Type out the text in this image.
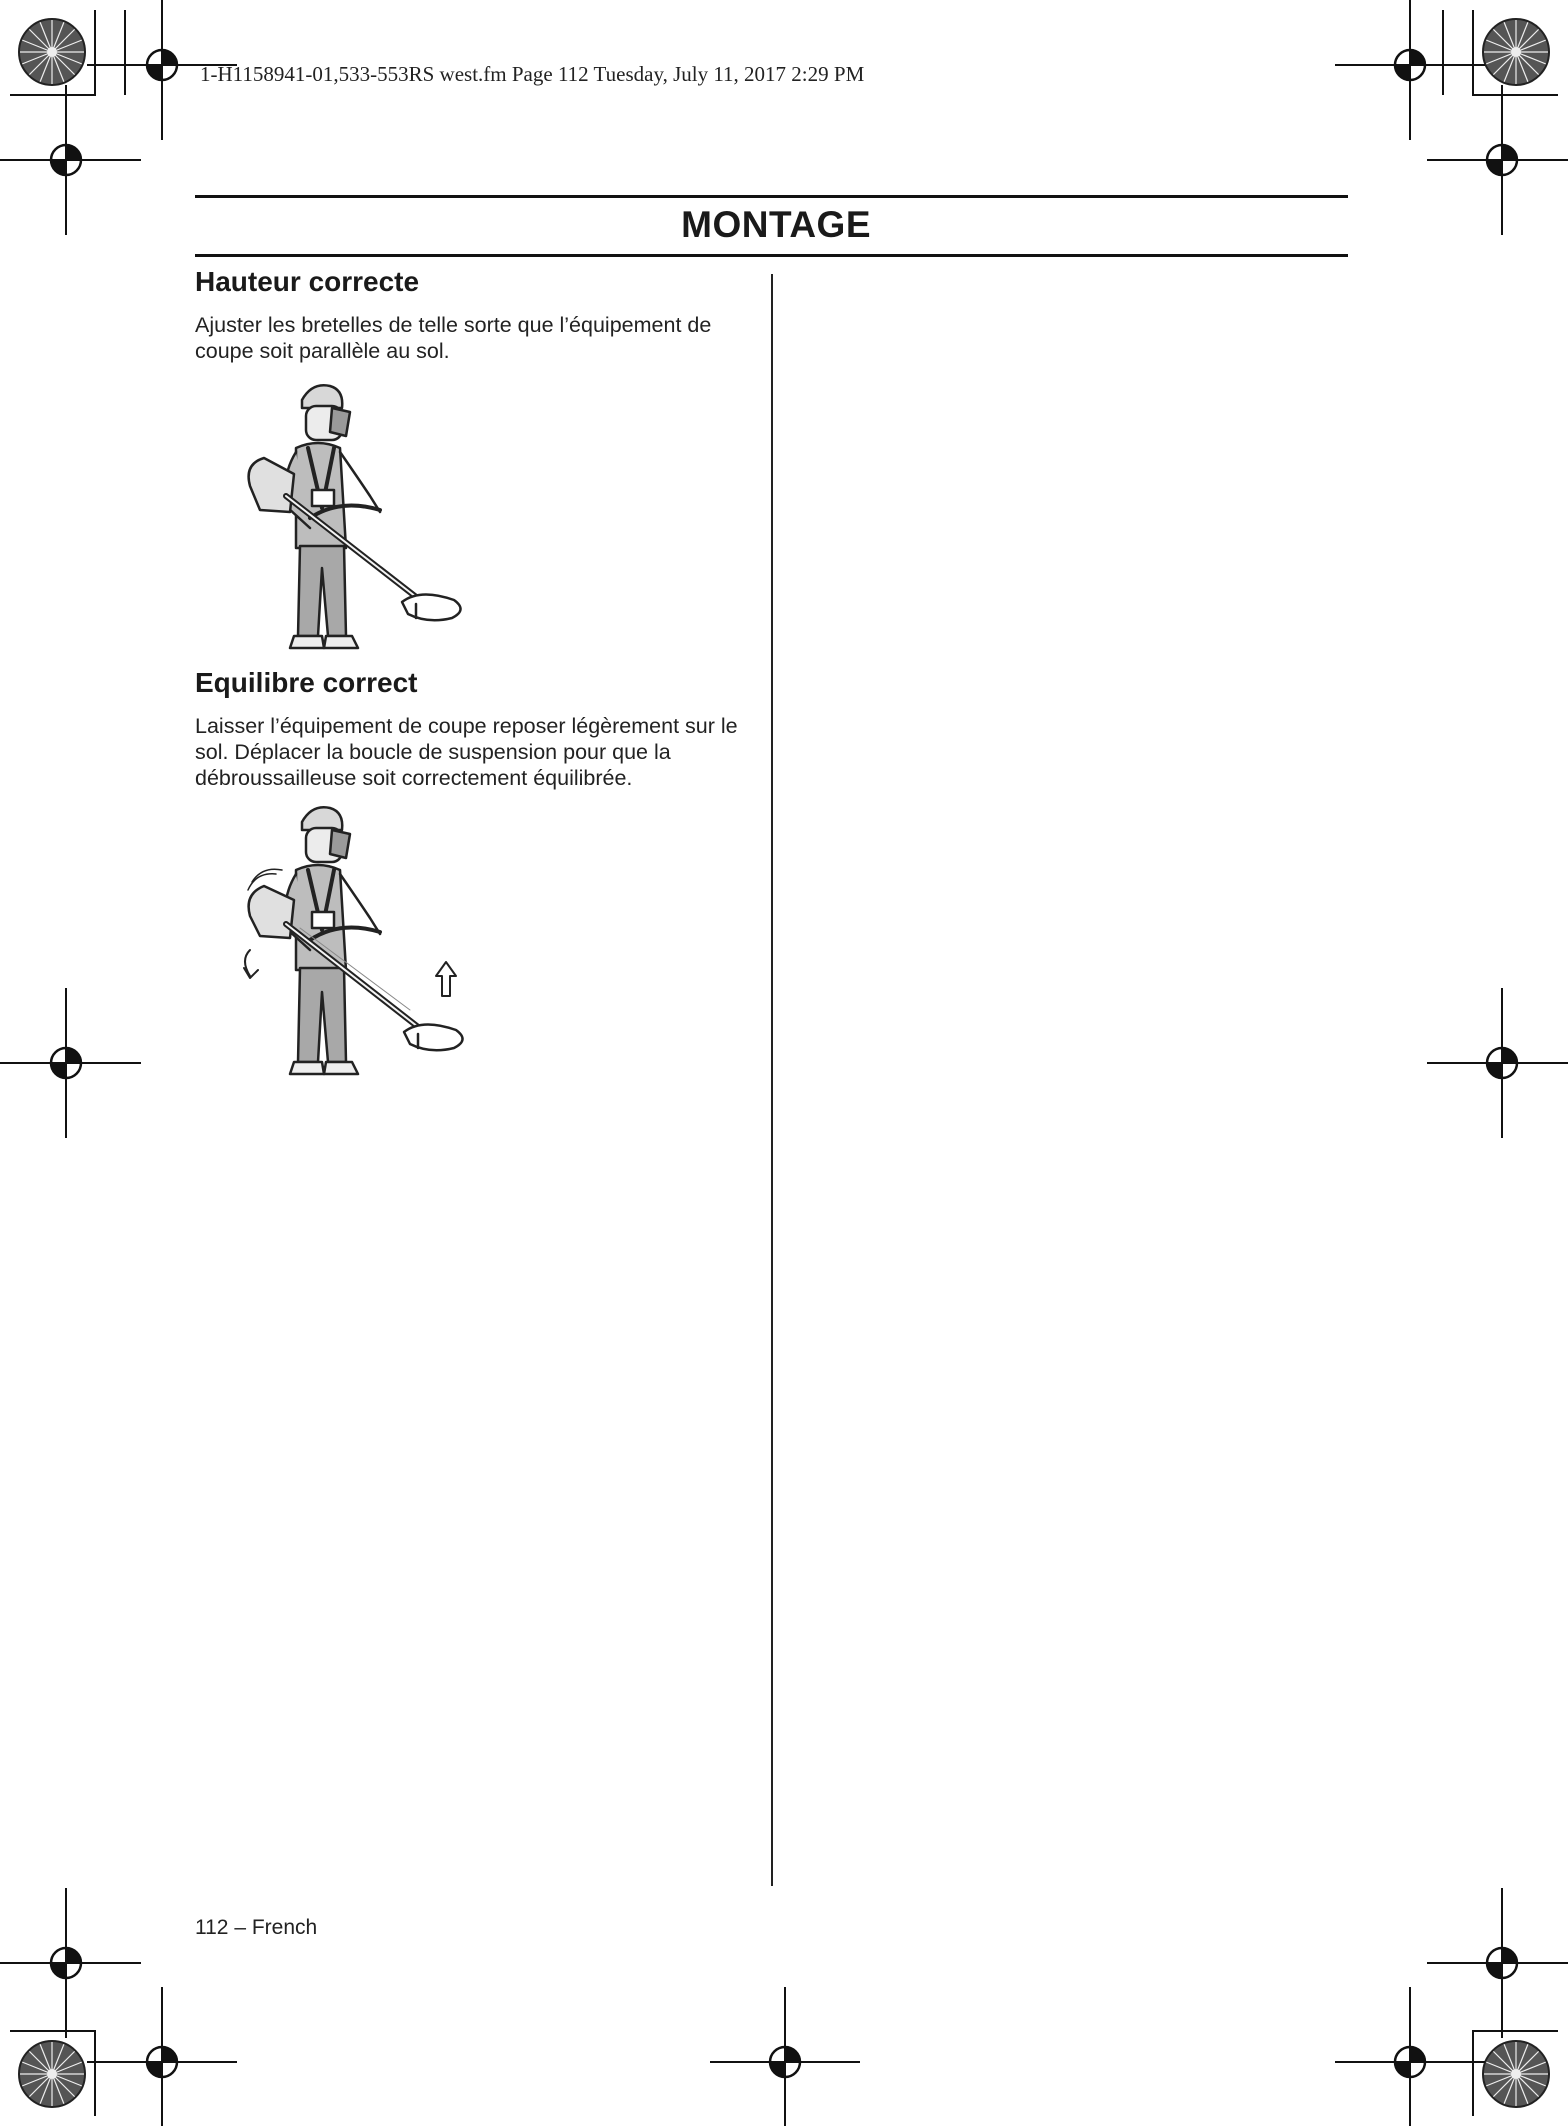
1-H1158941-01,533-553RS west.fm Page 112 Tuesday, July 11, 2017 2:29 PM
MONTAGE
Hauteur correcte
Ajuster les bretelles de telle sorte que l’équipement de coupe soit parallèle au sol.
Equilibre correct
Laisser l’équipement de coupe reposer légèrement sur le sol. Déplacer la boucle de suspension pour que la débroussailleuse soit correctement équilibrée.
112 – French
